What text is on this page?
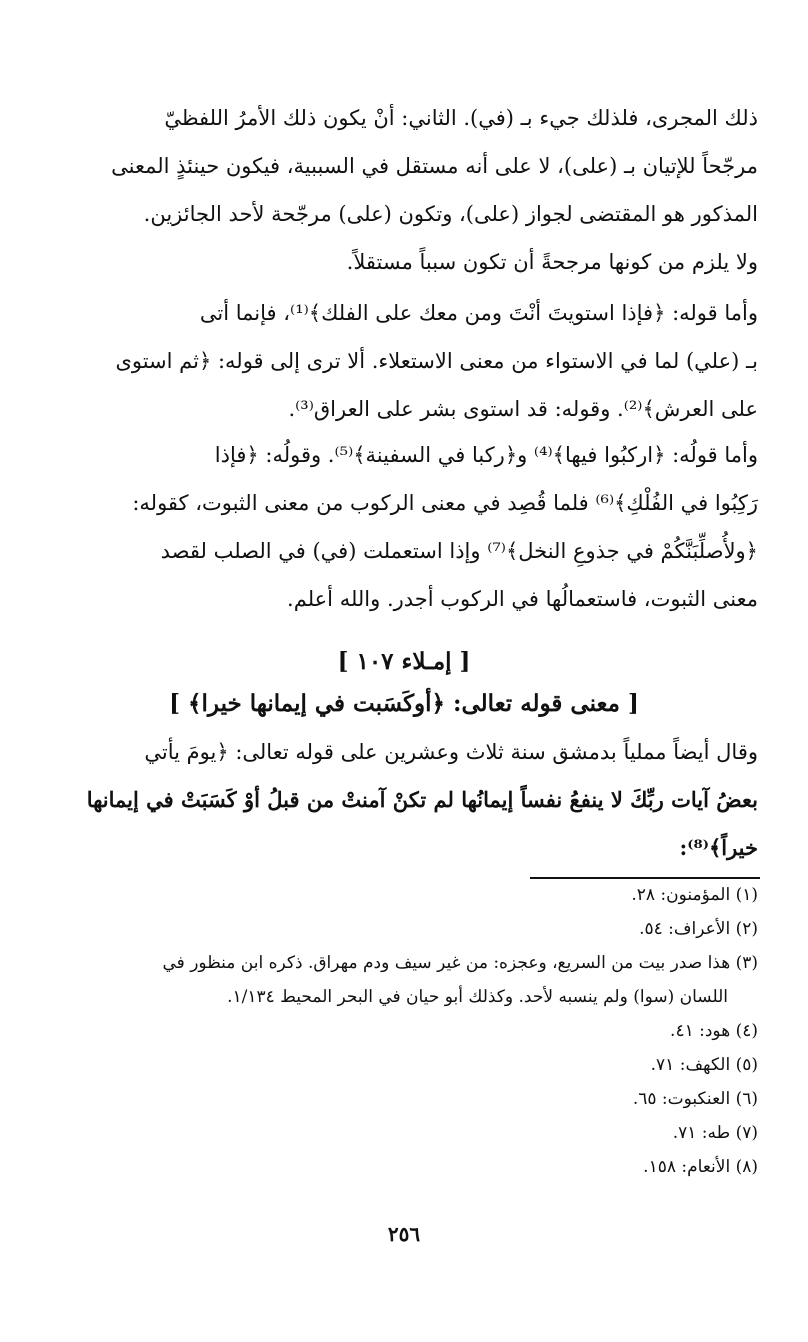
ذلك المجرى، فلذلك جيء بـ (في). الثاني: أنْ يكون ذلك الأمرُ اللفظيّ
مرجّحاً للإتيان بـ (على)، لا على أنه مستقل في السببية، فيكون حينئذٍ المعنى
المذكور هو المقتضى لجواز (على)، وتكون (على) مرجّحة لأحد الجائزين.
ولا يلزم من كونها مرجحةً أن تكون سبباً مستقلاً.
وأما قوله: ﴿فإذا استويتَ أنْتَ ومن معك على الفلك﴾⁽¹⁾، فإنما أتى
بـ (علي) لما في الاستواء من معنى الاستعلاء. ألا ترى إلى قوله: ﴿ثم استوى
على العرش﴾⁽²⁾. وقوله: قد استوى بشر على العراق⁽³⁾.
وأما قولُه: ﴿اركبُوا فيها﴾⁽⁴⁾ و﴿ركبا في السفينة﴾⁽⁵⁾. وقولُه: ﴿فإذا
رَكِبُوا في الفُلْكِ﴾⁽⁶⁾ فلما قُصِد في معنى الركوب من معنى الثبوت، كقوله:
﴿ولأُصلِّبَنَّكُمْ في جذوعِ النخل﴾⁽⁷⁾ وإذا استعملت (في) في الصلب لقصد
معنى الثبوت، فاستعمالُها في الركوب أجدر. والله أعلم.
[ إمـلاء ١٠٧ ]
[ معنى قوله تعالى: ﴿أوكَسَبت في إيمانها خيرا﴾ ]
وقال أيضاً مملياً بدمشق سنة ثلاث وعشرين على قوله تعالى: ﴿يومَ يأتي
بعضُ آيات ربِّكَ لا ينفعُ نفساً إيمانُها لم تكنْ آمنتْ من قبلُ أوْ كَسَبَتْ في إيمانها
خيراً﴾⁽⁸⁾:
(١) المؤمنون: ٢٨.
(٢) الأعراف: ٥٤.
(٣) هذا صدر بيت من السريع، وعجزه: من غير سيف ودم مهراق. ذكره ابن منظور في
اللسان (سوا) ولم ينسبه لأحد. وكذلك أبو حيان في البحر المحيط ١/١٣٤.
(٤) هود: ٤١.
(٥) الكهف: ٧١.
(٦) العنكبوت: ٦٥.
(٧) طه: ٧١.
(٨) الأنعام: ١٥٨.
٢٥٦
